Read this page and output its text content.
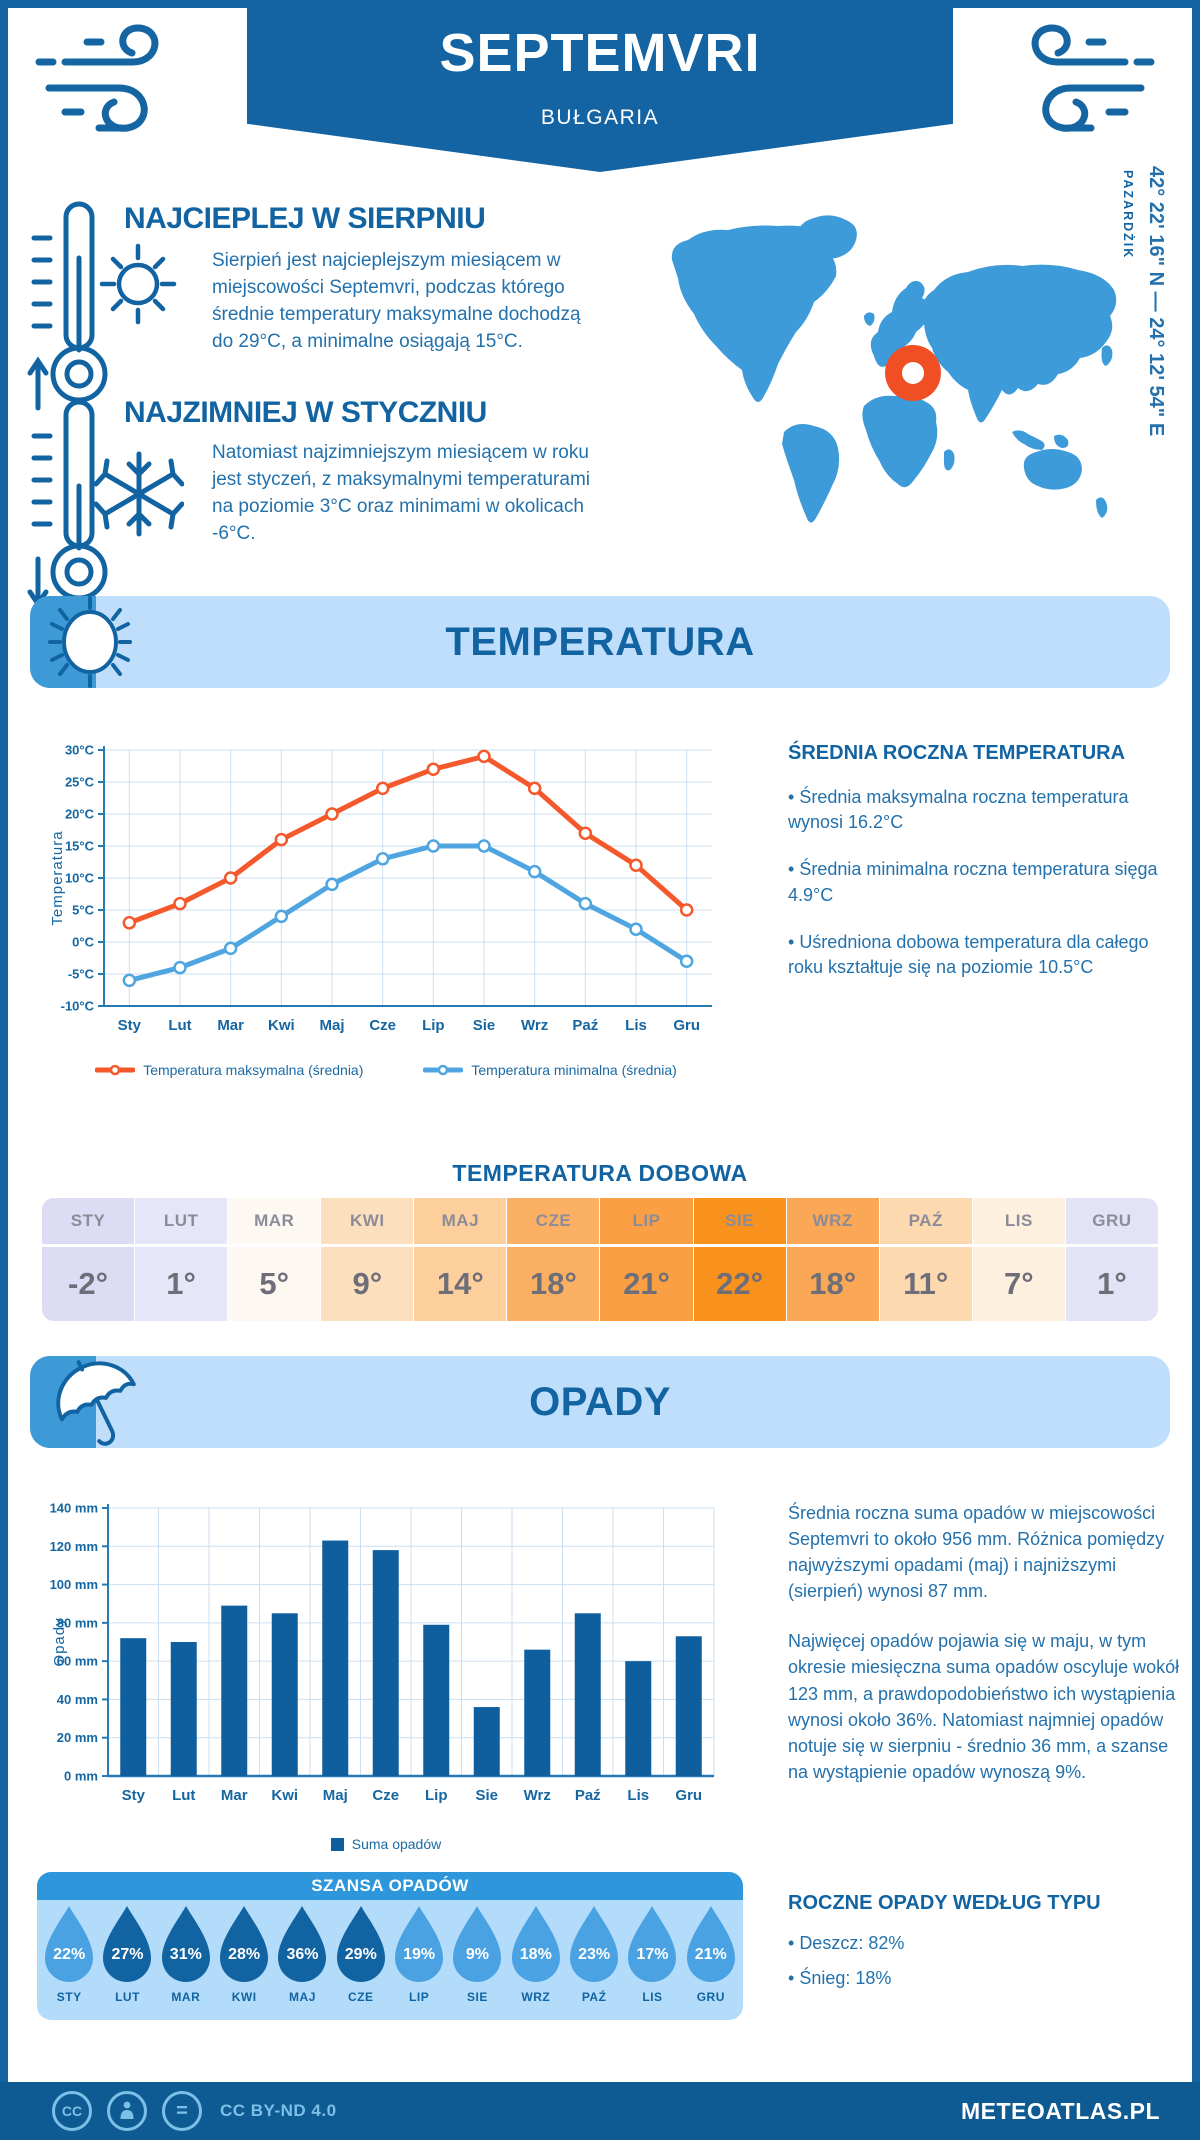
SEPTEMVRI
BUŁGARIA
NAJCIEPLEJ W SIERPNIU
Sierpień jest najcieplejszym miesiącem w miejscowości Septemvri, podczas którego średnie temperatury maksymalne dochodzą do 29°C, a minimalne osiągają 15°C.
NAJZIMNIEJ W STYCZNIU
Natomiast najzimniejszym miesiącem w roku jest styczeń, z maksymalnymi temperaturami na poziomie 3°C oraz minimami w okolicach -6°C.
42° 22' 16" N — 24° 12' 54" E
PAZARDŻIK
TEMPERATURA
-10°C
-5°C
0°C
5°C
10°C
15°C
20°C
25°C
30°C
Sty Lut Mar Kwi Maj Cze Lip Sie Wrz Paź Lis Gru
Temperatura
Temperatura maksymalna (średnia)	Temperatura minimalna (średnia)
ŚREDNIA ROCZNA TEMPERATURA

• Średnia maksymalna roczna temperatura wynosi 16.2°C

• Średnia minimalna roczna temperatura sięga 4.9°C

• Uśredniona dobowa temperatura dla całego roku kształtuje się na poziomie 10.5°C

TEMPERATURA DOBOWA
STY	LUT	MAR	KWI	MAJ	CZE	LIP	SIE	WRZ	PAŹ	LIS	GRU
-2°	1°	5°	9°	14°	18°	21°	22°	18°	11°	7°	1°
OPADY
0 mm
20 mm
40 mm
60 mm
80 mm
100 mm
120 mm
140 mm
Sty Lut Mar Kwi Maj Cze Lip Sie Wrz Paź Lis Gru
Opady
Suma opadów

Średnia roczna suma opadów w miejscowości Septemvri to około 956 mm. Różnica pomiędzy najwyższymi opadami (maj) i najniższymi (sierpień) wynosi 87 mm.

Najwięcej opadów pojawia się w maju, w tym okresie miesięczna suma opadów oscyluje wokół 123 mm, a prawdopodobieństwo ich wystąpienia wynosi około 36%. Natomiast najmniej opadów notuje się w sierpniu - średnio 36 mm, a szanse na wystąpienie opadów wynoszą 9%.

ROCZNE OPADY WEDŁUG TYPU

• Deszcz: 82%

• Śnieg: 18%

SZANSA OPADÓW
22%
STY
27%
LUT
31%
MAR
28%
KWI
36%
MAJ
29%
CZE
19%
LIP
9%
SIE
18%
WRZ
23%
PAŹ
17%
LIS
21%
GRU
CC	=	CC BY-ND 4.0	METEOATLAS.PL
